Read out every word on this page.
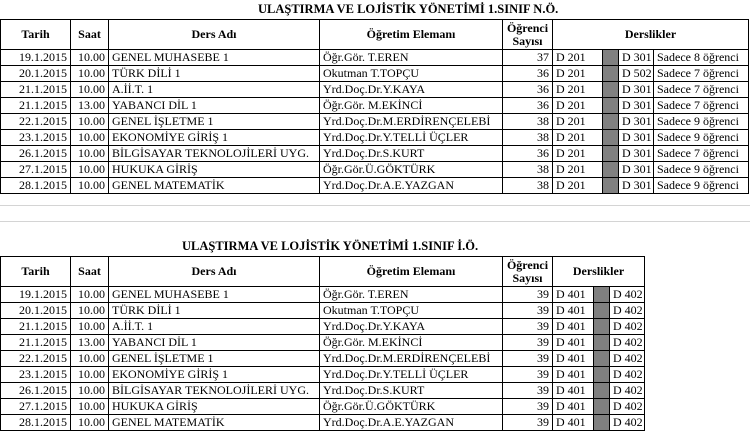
ULAŞTIRMA VE LOJİSTİK YÖNETİMİ 1.SINIF N.Ö.
Tarih	Saat	Ders Adı	Öğretim Elemanı	Öğrenci Sayısı	Derslikler			
19.1.2015	10.00	GENEL MUHASEBE 1	Öğr.Gör. T.EREN	37	D 201		D 301	Sadece 8 öğrenci
20.1.2015	10.00	TÜRK DİLİ 1	Okutman T.TOPÇU	36	D 201		D 502	Sadece 7 öğrenci
21.1.2015	10.00	A.İİ.T. 1	Yrd.Doç.Dr.Y.KAYA	36	D 201		D 301	Sadece 7 öğrenci
21.1.2015	13.00	YABANCI DİL 1	Öğr.Gör. M.EKİNCİ	36	D 201		D 301	Sadece 7 öğrenci
22.1.2015	10.00	GENEL İŞLETME 1	Yrd.Doç.Dr.M.ERDİRENÇELEBİ	38	D 201		D 301	Sadece 9 öğrenci
23.1.2015	10.00	EKONOMİYE GİRİŞ 1	Yrd.Doç.Dr.Y.TELLİ ÜÇLER	38	D 201		D 301	Sadece 9 öğrenci
26.1.2015	10.00	BİLGİSAYAR TEKNOLOJİLERİ UYG.	Yrd.Doç.Dr.S.KURT	36	D 201		D 301	Sadece 7 öğrenci
27.1.2015	10.00	HUKUKA GİRİŞ	Öğr.Gör.Ü.GÖKTÜRK	38	D 201		D 301	Sadece 9 öğrenci
28.1.2015	10.00	GENEL MATEMATİK	Yrd.Doç.Dr.A.E.YAZGAN	38	D 201		D 301	Sadece 9 öğrenci
ULAŞTIRMA VE LOJİSTİK YÖNETİMİ 1.SINIF İ.Ö.
Tarih	Saat	Ders Adı	Öğretim Elemanı	Öğrenci Sayısı	Derslikler		
19.1.2015	10.00	GENEL MUHASEBE 1	Öğr.Gör. T.EREN	39	D 401		D 402
20.1.2015	10.00	TÜRK DİLİ 1	Okutman T.TOPÇU	39	D 401		D 402
21.1.2015	10.00	A.İİ.T. 1	Yrd.Doç.Dr.Y.KAYA	39	D 401		D 402
21.1.2015	13.00	YABANCI DİL 1	Öğr.Gör. M.EKİNCİ	39	D 401		D 402
22.1.2015	10.00	GENEL İŞLETME 1	Yrd.Doç.Dr.M.ERDİRENÇELEBİ	39	D 401		D 402
23.1.2015	10.00	EKONOMİYE GİRİŞ 1	Yrd.Doç.Dr.Y.TELLİ ÜÇLER	39	D 401		D 402
26.1.2015	10.00	BİLGİSAYAR TEKNOLOJİLERİ UYG.	Yrd.Doç.Dr.S.KURT	39	D 401		D 402
27.1.2015	10.00	HUKUKA GİRİŞ	Öğr.Gör.Ü.GÖKTÜRK	39	D 401		D 402
28.1.2015	10.00	GENEL MATEMATİK	Yrd.Doç.Dr.A.E.YAZGAN	39	D 401		D 402
